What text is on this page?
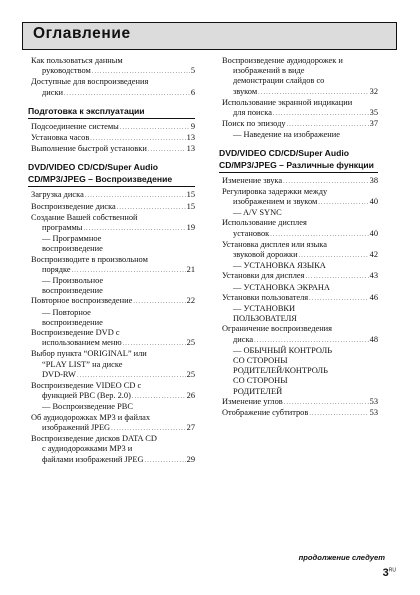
Оглавление
Как пользоваться данным
руководством .....	5
Доступные для воспроизведения
диски .....	6
Подготовка к эксплуатации
Подсоединение системы .....	9
Установка часов .....	13
Выполнение быстрой установки .....	13
DVD/VIDEO CD/CD/Super Audio CD/MP3/JPEG – Воспроизведение
Загрузка диска .....	15
Воспроизведение диска .....	15
Создание Вашей собственной
программы .....	19
— Программное
воспроизведение
Воспроизводите в произвольном
порядке .....	21
— Произвольное
воспроизведение
Повторное воспроизведение .....	22
— Повторное
воспроизведение
Воспроизведение DVD с
использованием меню .....	25
Выбор пункта “ORIGINAL” или
“PLAY LIST” на диске
DVD-RW .....	25
Воспроизведение VIDEO CD с
функцией PBC (Вер. 2.0) .....	26
— Воспроизведение PBC
Об аудиодорожках MP3 и файлах
изображений JPEG .....	27
Воспроизведение дисков DATA CD
с аудиодорожками MP3 и
файлами изображений JPEG .....	29
Воспроизведение аудиодорожек и
изображений в виде
демонстрации слайдов со
звуком .....	32
Использование экранной индикации
для поиска .....	35
Поиск по эпизоду .....	37
— Наведение на изображение
DVD/VIDEO CD/CD/Super Audio CD/MP3/JPEG – Различные функции
Изменение звука .....	38
Регулировка задержки между
изображением и звуком .....	40
— A/V SYNC
Использование дисплея
установок .....	40
Установка дисплея или языка
звуковой дорожки .....	42
— УСТАНОВКА ЯЗЫКА
Установки для дисплея .....	43
— УСТАНОВКА ЭКРАНА
Установки пользователя .....	46
— УСТАНОВКИ
ПОЛЬЗОВАТЕЛЯ
Ограничение воспроизведения
диска .....	48
— ОБЫЧНЫЙ КОНТРОЛЬ
СО СТОРОНЫ
РОДИТЕЛЕЙ/КОНТРОЛЬ
СО СТОРОНЫ
РОДИТЕЛЕЙ
Изменение углов .....	53
Отображение субтитров .....	53
продолжение следует
$3^{RU}$
